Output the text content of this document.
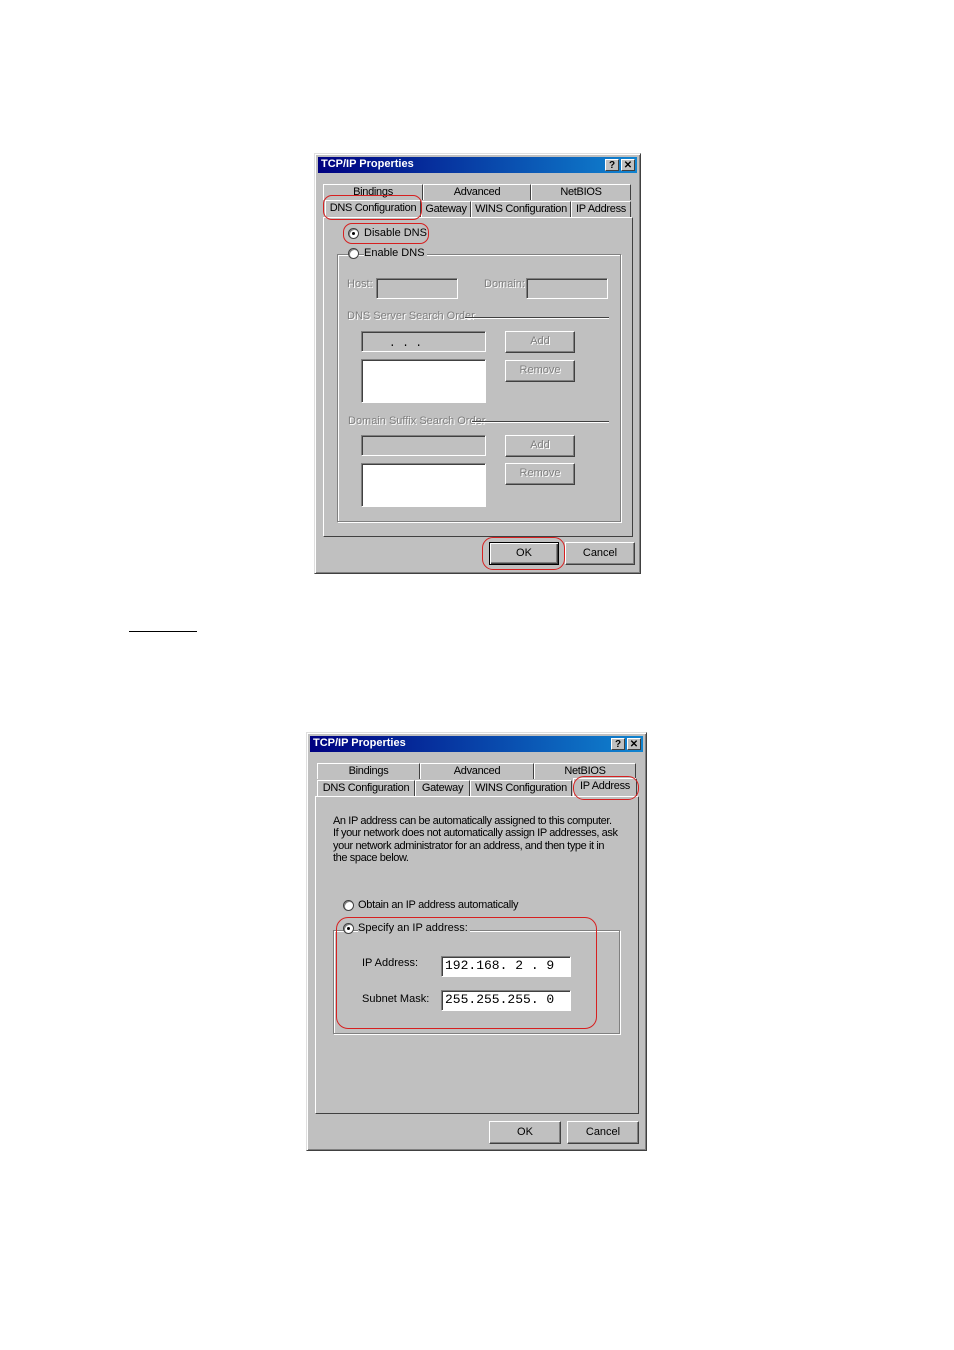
TCP/IP Properties	? ✕
Bindings	Advanced	NetBIOS
DNS Configuration Gateway WINS Configuration IP Address
Disable DNS
Enable DNS
Host:	Domain:
DNS Server Search Order
. . .	Add
Remove
Domain Suffix Search Order
Add
Remove
OK	Cancel
TCP/IP Properties	? ✕
Bindings	Advanced	NetBIOS
DNS Configuration	Gateway	WINS Configuration	IP Address
An IP address can be automatically assigned to this computer.
If your network does not automatically assign IP addresses, ask
your network administrator for an address, and then type it in
the space below.
Obtain an IP address automatically
Specify an IP address:
IP Address:	192.168. 2 . 9
Subnet Mask:	255.255.255. 0
OK	Cancel
